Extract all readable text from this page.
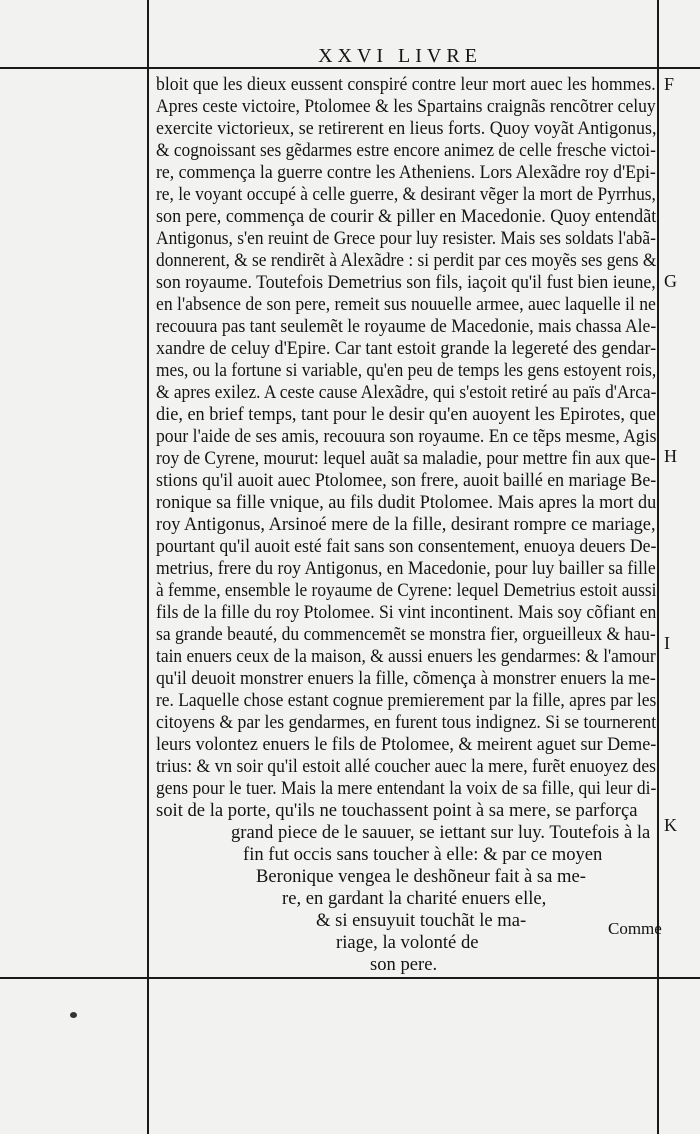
XXVI LIVRE
bloit que les dieux eussent conspiré contre leur mort auec les hommes.
Apres ceste victoire, Ptolomee & les Spartains craignãs rencõtrer celuy
exercite victorieux, se retirerent en lieus forts. Quoy voyãt Antigonus,
& cognoissant ses gẽdarmes estre encore animez de celle fresche victoi-
re, commença la guerre contre les Atheniens. Lors Alexãdre roy d'Epi-
re, le voyant occupé à celle guerre, & desirant vẽger la mort de Pyrrhus,
son pere, commença de courir & piller en Macedonie. Quoy entendãt
Antigonus, s'en reuint de Grece pour luy resister. Mais ses soldats l'abã-
donnerent, & se rendirẽt à Alexãdre : si perdit par ces moyẽs ses gens &
son royaume. Toutefois Demetrius son fils, iaçoit qu'il fust bien ieune,
en l'absence de son pere, remeit sus nouuelle armee, auec laquelle il ne
recouura pas tant seulemẽt le royaume de Macedonie, mais chassa Ale-
xandre de celuy d'Epire. Car tant estoit grande la legereté des gendar-
mes, ou la fortune si variable, qu'en peu de temps les gens estoyent rois,
& apres exilez. A ceste cause Alexãdre, qui s'estoit retiré au païs d'Arca-
die, en brief temps, tant pour le desir qu'en auoyent les Epirotes, que
pour l'aide de ses amis, recouura son royaume. En ce tẽps mesme, Agis
roy de Cyrene, mourut: lequel auãt sa maladie, pour mettre fin aux que-
stions qu'il auoit auec Ptolomee, son frere, auoit baillé en mariage Be-
ronique sa fille vnique, au fils dudit Ptolomee. Mais apres la mort du
roy Antigonus, Arsinoé mere de la fille, desirant rompre ce mariage,
pourtant qu'il auoit esté fait sans son consentement, enuoya deuers De-
metrius, frere du roy Antigonus, en Macedonie, pour luy bailler sa fille
à femme, ensemble le royaume de Cyrene: lequel Demetrius estoit aussi
fils de la fille du roy Ptolomee. Si vint incontinent. Mais soy cõfiant en
sa grande beauté, du commencemẽt se monstra fier, orgueilleux & hau-
tain enuers ceux de la maison, & aussi enuers les gendarmes: & l'amour
qu'il deuoit monstrer enuers la fille, cõmença à monstrer enuers la me-
re. Laquelle chose estant cognue premierement par la fille, apres par les
citoyens & par les gendarmes, en furent tous indignez. Si se tournerent
leurs volontez enuers le fils de Ptolomee, & meirent aguet sur Deme-
trius: & vn soir qu'il estoit allé coucher auec la mere, furẽt enuoyez des
gens pour le tuer. Mais la mere entendant la voix de sa fille, qui leur di-
soit de la porte, qu'ils ne touchassent point à sa mere, se parforça
grand piece de le sauuer, se iettant sur luy. Toutefois à la
fin fut occis sans toucher à elle: & par ce moyen
Beronique vengea le deshõneur fait à sa me-
re, en gardant la charité enuers elle,
& si ensuyuit touchãt le ma-
riage, la volonté de
son pere.
F
G
H
I
K
Comme
